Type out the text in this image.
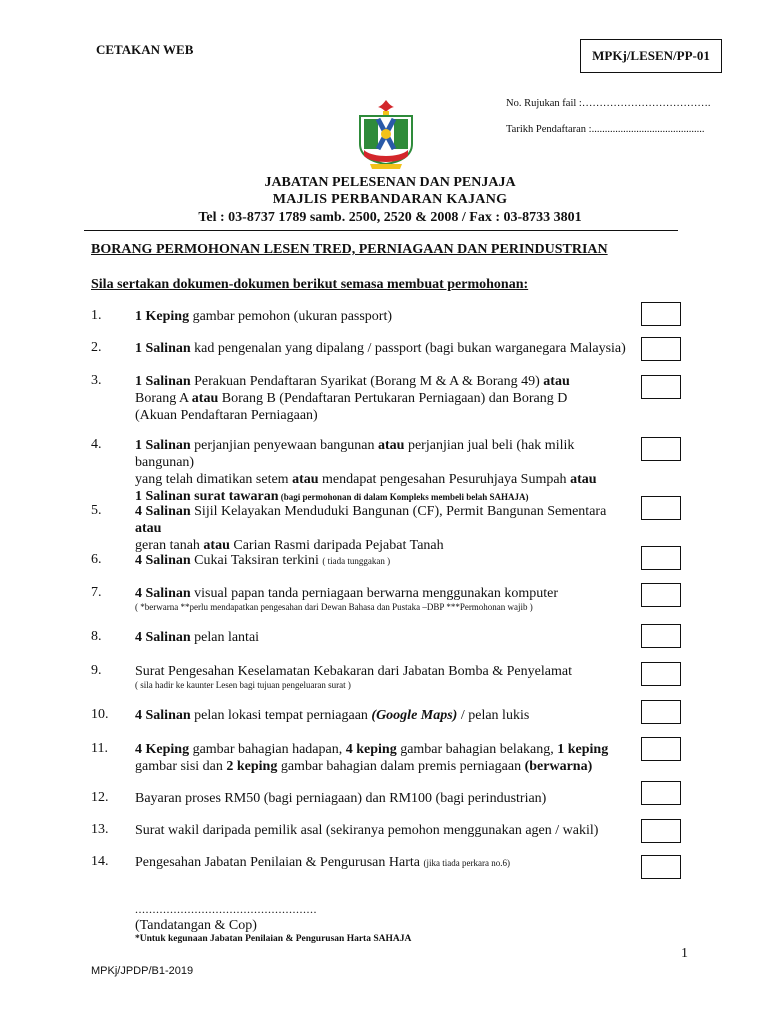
CETAKAN WEB	MPKj/LESEN/PP-01
No. Rujukan fail :……………………………….
Tarikh Pendaftaran :...........................................
JABATAN PELESENAN DAN PENJAJA
MAJLIS PERBANDARAN KAJANG
Tel : 03-8737 1789 samb. 2500, 2520 & 2008 / Fax : 03-8733 3801
BORANG PERMOHONAN LESEN TRED, PERNIAGAAN DAN PERINDUSTRIAN
Sila sertakan dokumen-dokumen berikut semasa membuat permohonan:
1. 1 Keping gambar pemohon (ukuran passport)
2. 1 Salinan kad pengenalan yang dipalang / passport (bagi bukan warganegara Malaysia)
3. 1 Salinan Perakuan Pendaftaran Syarikat (Borang M & A & Borang 49) atau
Borang A atau Borang B (Pendaftaran Pertukaran Perniagaan) dan Borang D
(Akuan Pendaftaran Perniagaan)
4. 1 Salinan perjanjian penyewaan bangunan atau perjanjian jual beli (hak milik bangunan)
yang telah dimatikan setem atau mendapat pengesahan Pesuruhjaya Sumpah atau
1 Salinan surat tawaran (bagi permohonan di dalam Kompleks membeli belah SAHAJA)
5. 4 Salinan Sijil Kelayakan Menduduki Bangunan (CF), Permit Bangunan Sementara atau
geran tanah atau Carian Rasmi daripada Pejabat Tanah
6. 4 Salinan Cukai Taksiran terkini ( tiada tunggakan )
7. 4 Salinan visual papan tanda perniagaan berwarna menggunakan komputer
( *berwarna **perlu mendapatkan pengesahan dari Dewan Bahasa dan Pustaka –DBP ***Permohonan wajib )
8. 4 Salinan pelan lantai
9. Surat Pengesahan Keselamatan Kebakaran dari Jabatan Bomba & Penyelamat
( sila hadir ke kaunter Lesen bagi tujuan pengeluaran surat )
10. 4 Salinan pelan lokasi tempat perniagaan (Google Maps) / pelan lukis
11. 4 Keping gambar bahagian hadapan, 4 keping gambar bahagian belakang, 1 keping
gambar sisi dan 2 keping gambar bahagian dalam premis perniagaan (berwarna)
12. Bayaran proses RM50 (bagi perniagaan) dan RM100 (bagi perindustrian)
13. Surat wakil daripada pemilik asal (sekiranya pemohon menggunakan agen / wakil)
14. Pengesahan Jabatan Penilaian & Pengurusan Harta (jika tiada perkara no.6)
....................................................
(Tandatangan & Cop)
*Untuk kegunaan Jabatan Penilaian & Pengurusan Harta SAHAJA
1
MPKj/JPDP/B1-2019
